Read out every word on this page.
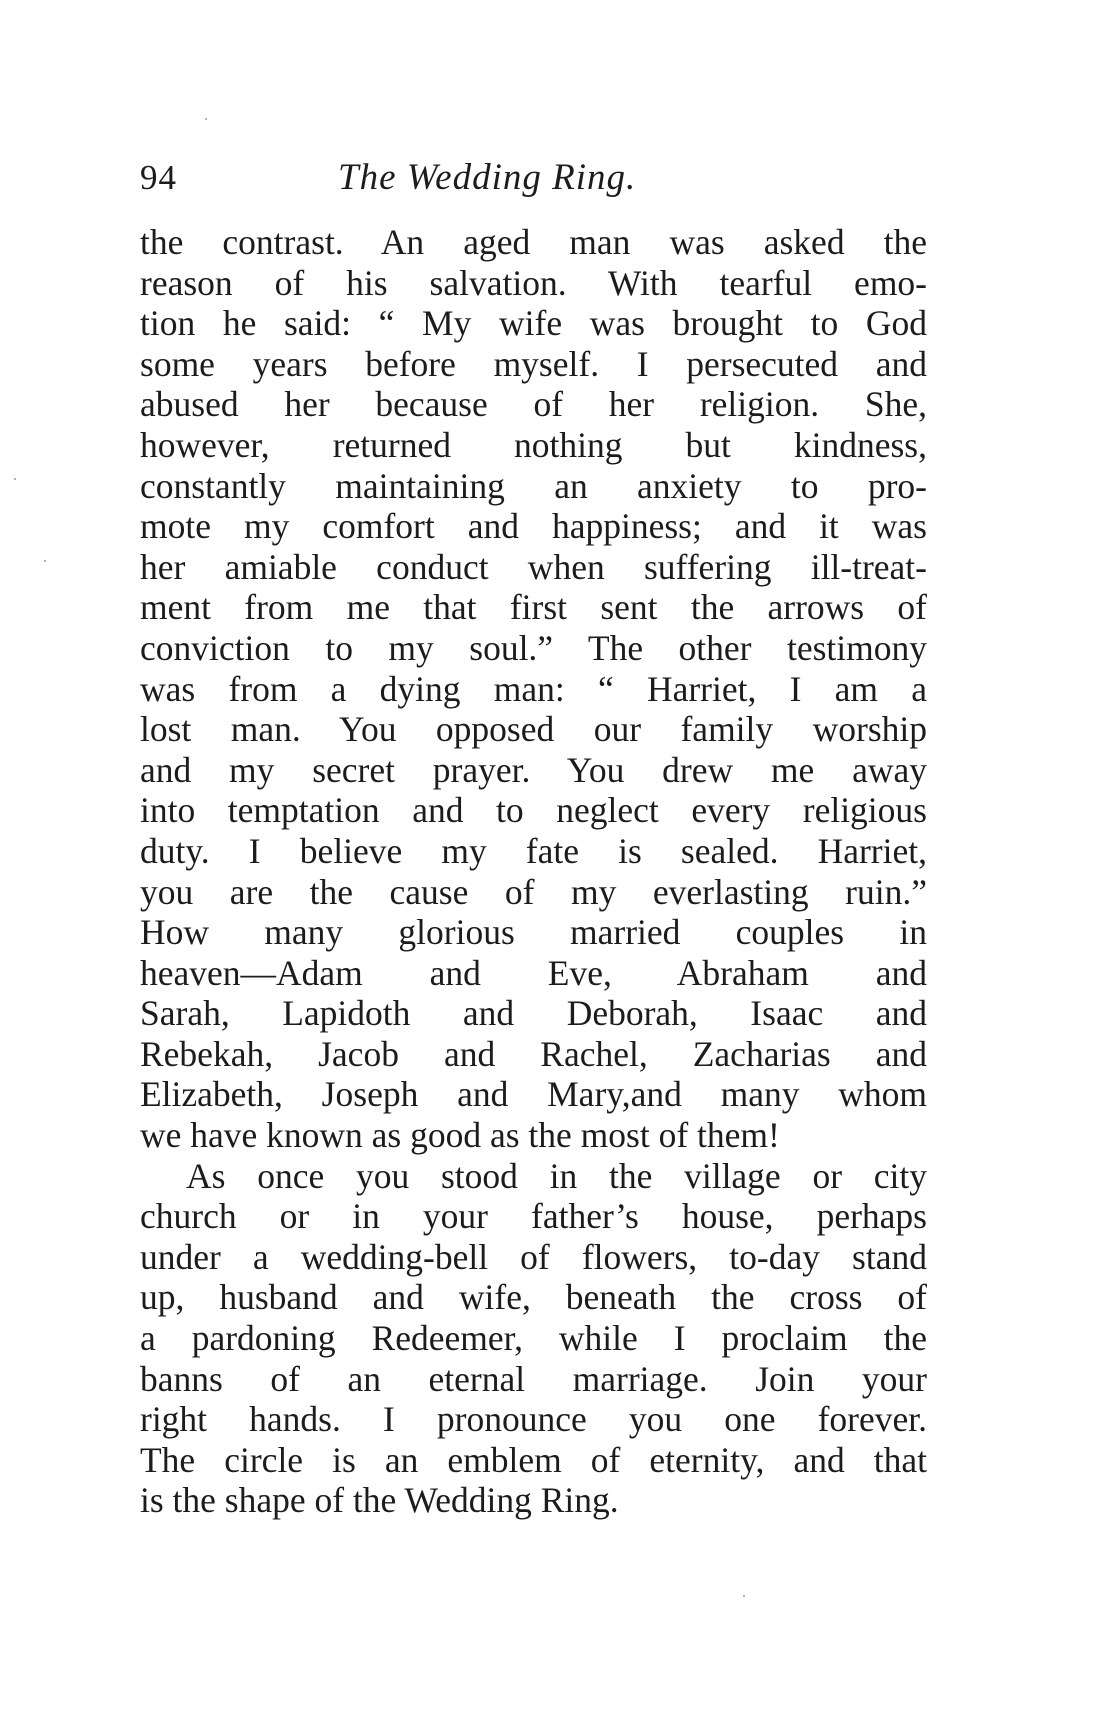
94	The Wedding Ring.
the contrast. An aged man was asked the
reason of his salvation. With tearful emo-
tion he said: “ My wife was brought to God
some years before myself. I persecuted and
abused her because of her religion. She,
however, returned nothing but kindness,
constantly maintaining an anxiety to pro-
mote my comfort and happiness; and it was
her amiable conduct when suffering ill-treat-
ment from me that first sent the arrows of
conviction to my soul.” The other testimony
was from a dying man: “ Harriet, I am a
lost man. You opposed our family worship
and my secret prayer. You drew me away
into temptation and to neglect every religious
duty. I believe my fate is sealed. Harriet,
you are the cause of my everlasting ruin.”
How many glorious married couples in
heaven—Adam and Eve, Abraham and
Sarah, Lapidoth and Deborah, Isaac and
Rebekah, Jacob and Rachel, Zacharias and
Elizabeth, Joseph and Mary,and many whom
we have known as good as the most of them!
As once you stood in the village or city
church or in your father’s house, perhaps
under a wedding-bell of flowers, to-day stand
up, husband and wife, beneath the cross of
a pardoning Redeemer, while I proclaim the
banns of an eternal marriage. Join your
right hands. I pronounce you one forever.
The circle is an emblem of eternity, and that
is the shape of the Wedding Ring.
